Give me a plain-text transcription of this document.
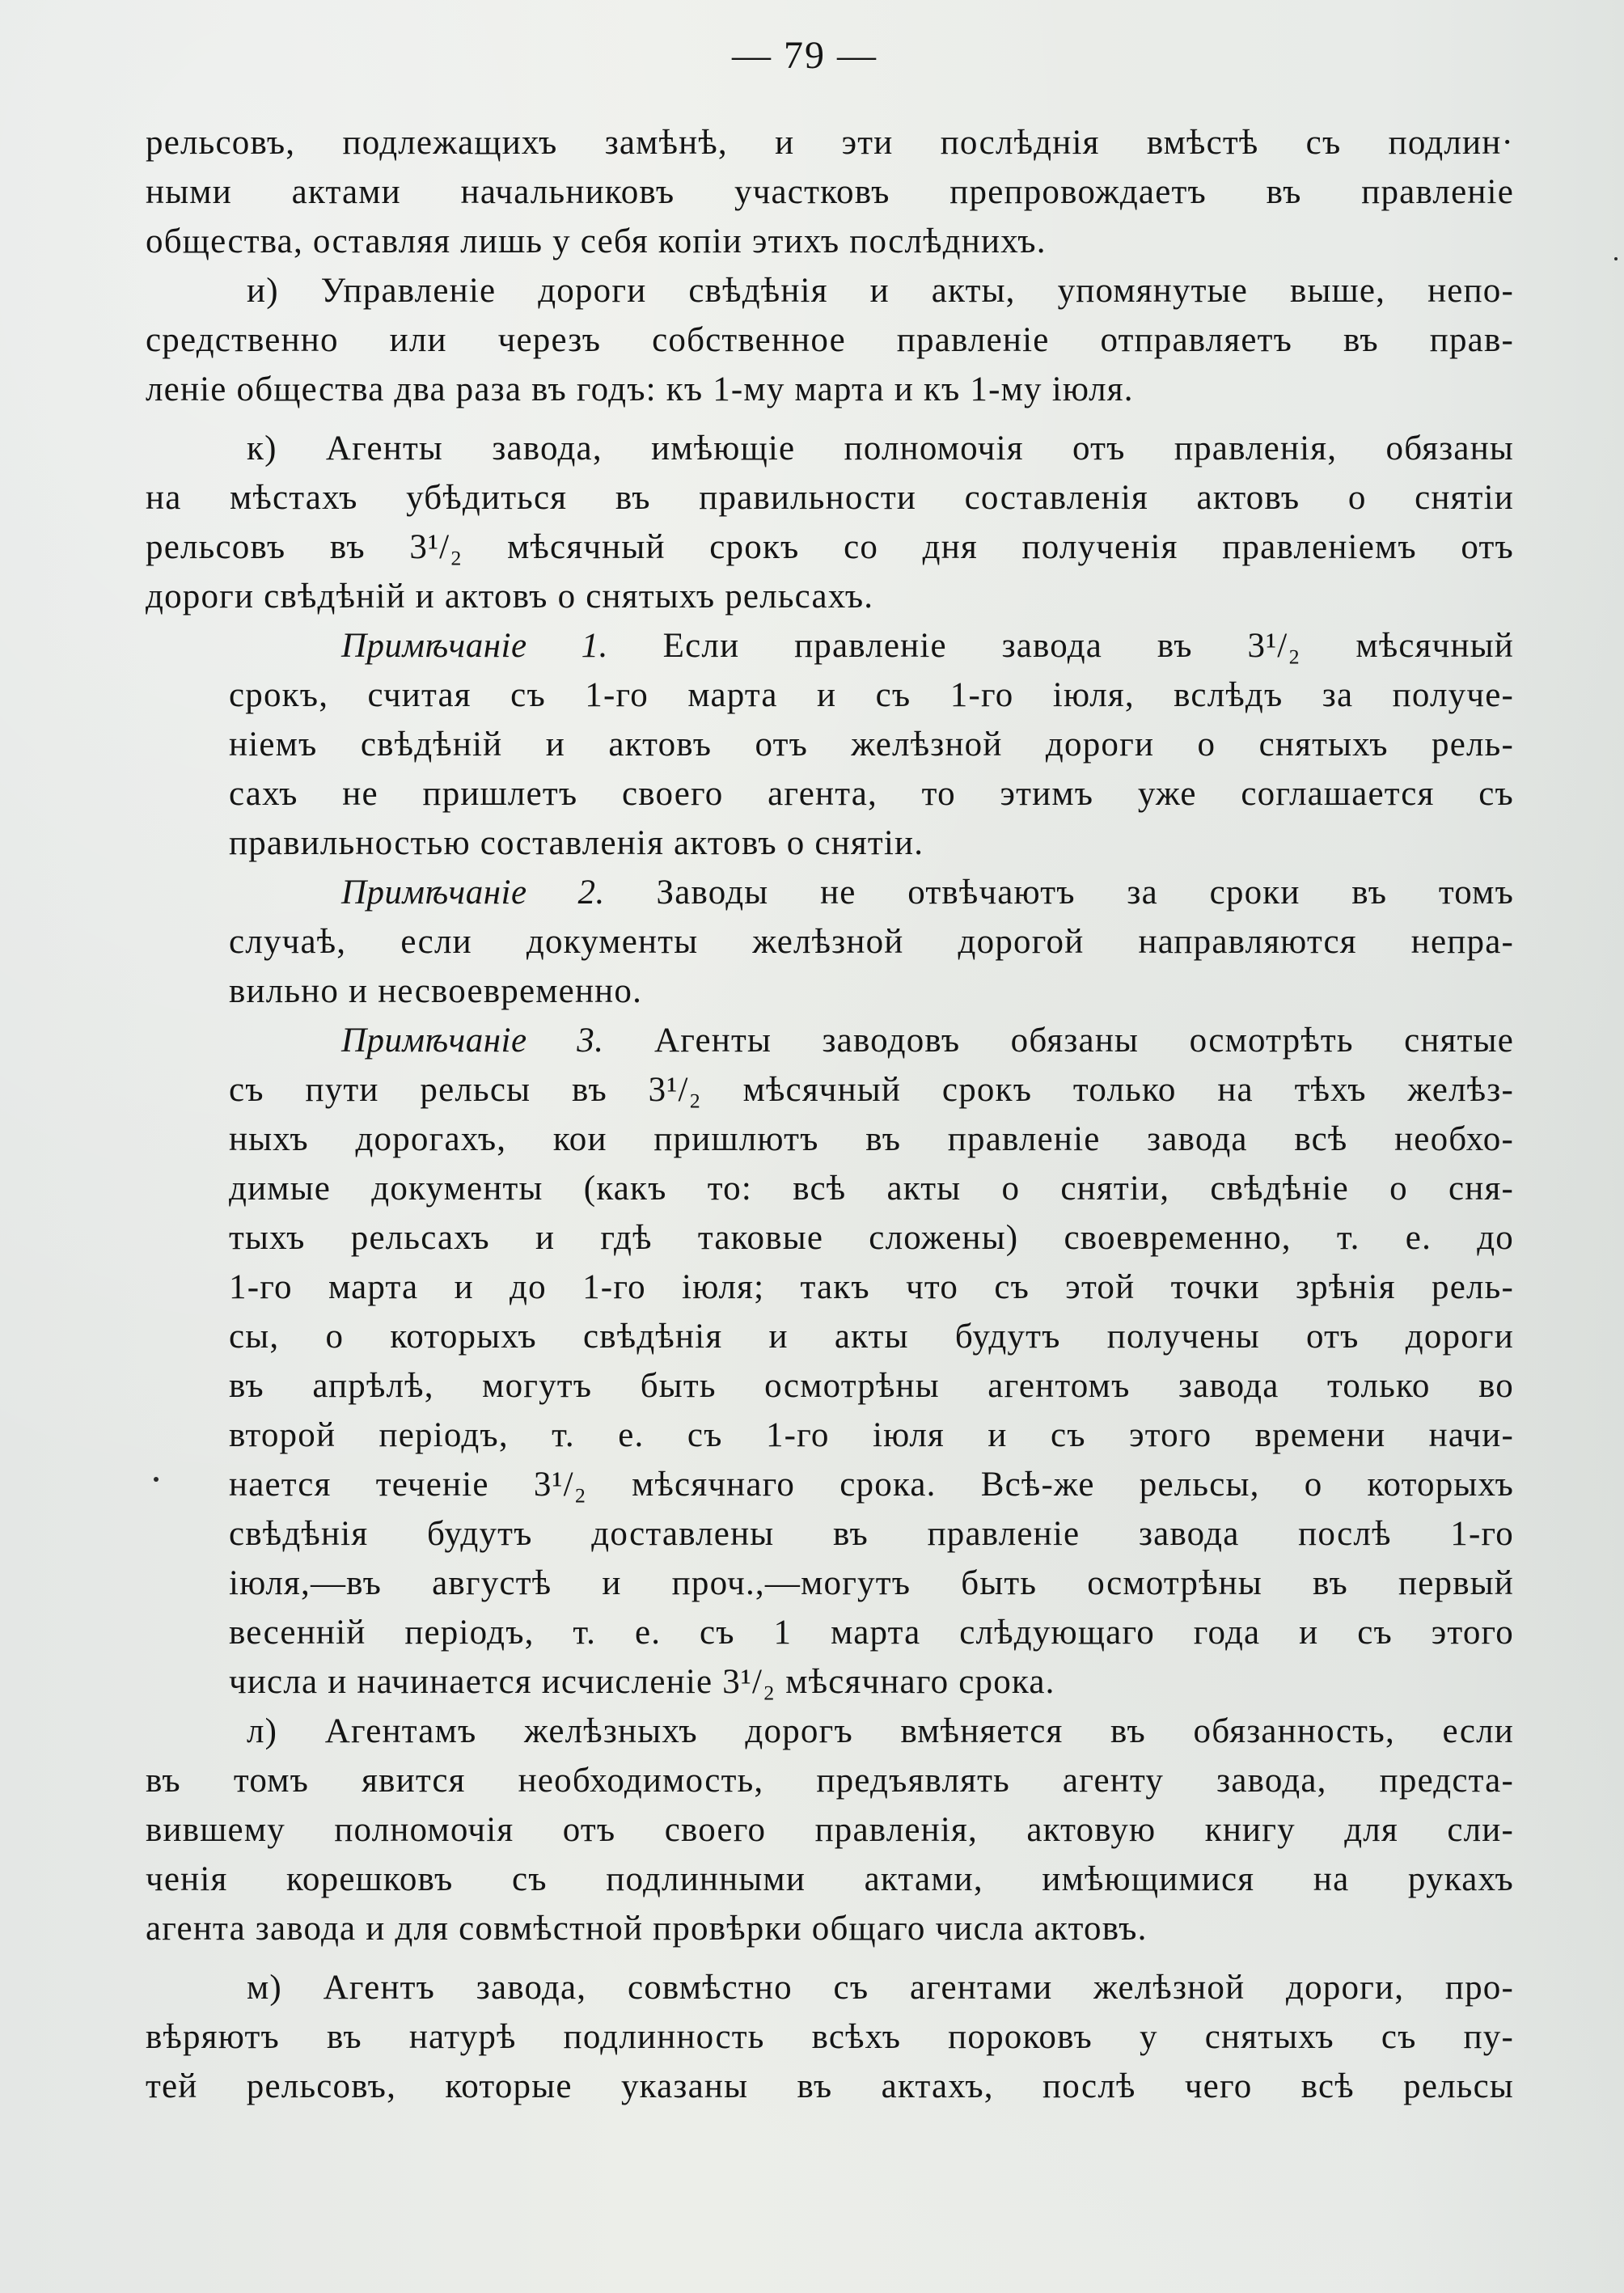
— 79 —
рельсовъ, подлежащихъ замѣнѣ, и эти послѣднія вмѣстѣ съ подлин·
ными актами начальниковъ участковъ препровождаетъ въ правленіе
общества, оставляя лишь у себя копіи этихъ послѣднихъ.
и) Управленіе дороги свѣдѣнія и акты, упомянутые выше, непо-
средственно или черезъ собственное правленіе отправляетъ въ прав-
леніе общества два раза въ годъ: къ 1-му марта и къ 1-му іюля.
к) Агенты завода, имѣющіе полномочія отъ правленія, обязаны
на мѣстахъ убѣдиться въ правильности составленія актовъ о снятіи
рельсовъ въ 3¹/₂ мѣсячный срокъ со дня полученія правленіемъ отъ
дороги свѣдѣній и актовъ о снятыхъ рельсахъ.
Примѣчаніе 1. Если правленіе завода въ 3¹/₂ мѣсячный
срокъ, считая съ 1-го марта и съ 1-го іюля, вслѣдъ за получе-
ніемъ свѣдѣній и актовъ отъ желѣзной дороги о снятыхъ рель-
сахъ не пришлетъ своего агента, то этимъ уже соглашается съ
правильностью составленія актовъ о снятіи.
Примѣчаніе 2. Заводы не отвѣчаютъ за сроки въ томъ
случаѣ, если документы желѣзной дорогой направляются непра-
вильно и несвоевременно.
Примѣчаніе 3. Агенты заводовъ обязаны осмотрѣть снятые
съ пути рельсы въ 3¹/₂ мѣсячный срокъ только на тѣхъ желѣз-
ныхъ дорогахъ, кои пришлютъ въ правленіе завода всѣ необхо-
димые документы (какъ то: всѣ акты о снятіи, свѣдѣніе о сня-
тыхъ рельсахъ и гдѣ таковые сложены) своевременно, т. е. до
1-го марта и до 1-го іюля; такъ что съ этой точки зрѣнія рель-
сы, о которыхъ свѣдѣнія и акты будутъ получены отъ дороги
въ апрѣлѣ, могутъ быть осмотрѣны агентомъ завода только во
второй періодъ, т. е. съ 1-го іюля и съ этого времени начи-
нается теченіе 3¹/₂ мѣсячнаго срока. Всѣ-же рельсы, о которыхъ
свѣдѣнія будутъ доставлены въ правленіе завода послѣ 1-го
іюля,—въ августѣ и проч.,—могутъ быть осмотрѣны въ первый
весенній періодъ, т. е. съ 1 марта слѣдующаго года и съ этого
числа и начинается исчисленіе 3¹/₂ мѣсячнаго срока.
л) Агентамъ желѣзныхъ дорогъ вмѣняется въ обязанность, если
въ томъ явится необходимость, предъявлять агенту завода, предста-
вившему полномочія отъ своего правленія, актовую книгу для сли-
ченія корешковъ съ подлинными актами, имѣющимися на рукахъ
агента завода и для совмѣстной провѣрки общаго числа актовъ.
м) Агентъ завода, совмѣстно съ агентами желѣзной дороги, про-
вѣряютъ въ натурѣ подлинность всѣхъ пороковъ у снятыхъ съ пу-
тей рельсовъ, которые указаны въ актахъ, послѣ чего всѣ рельсы
